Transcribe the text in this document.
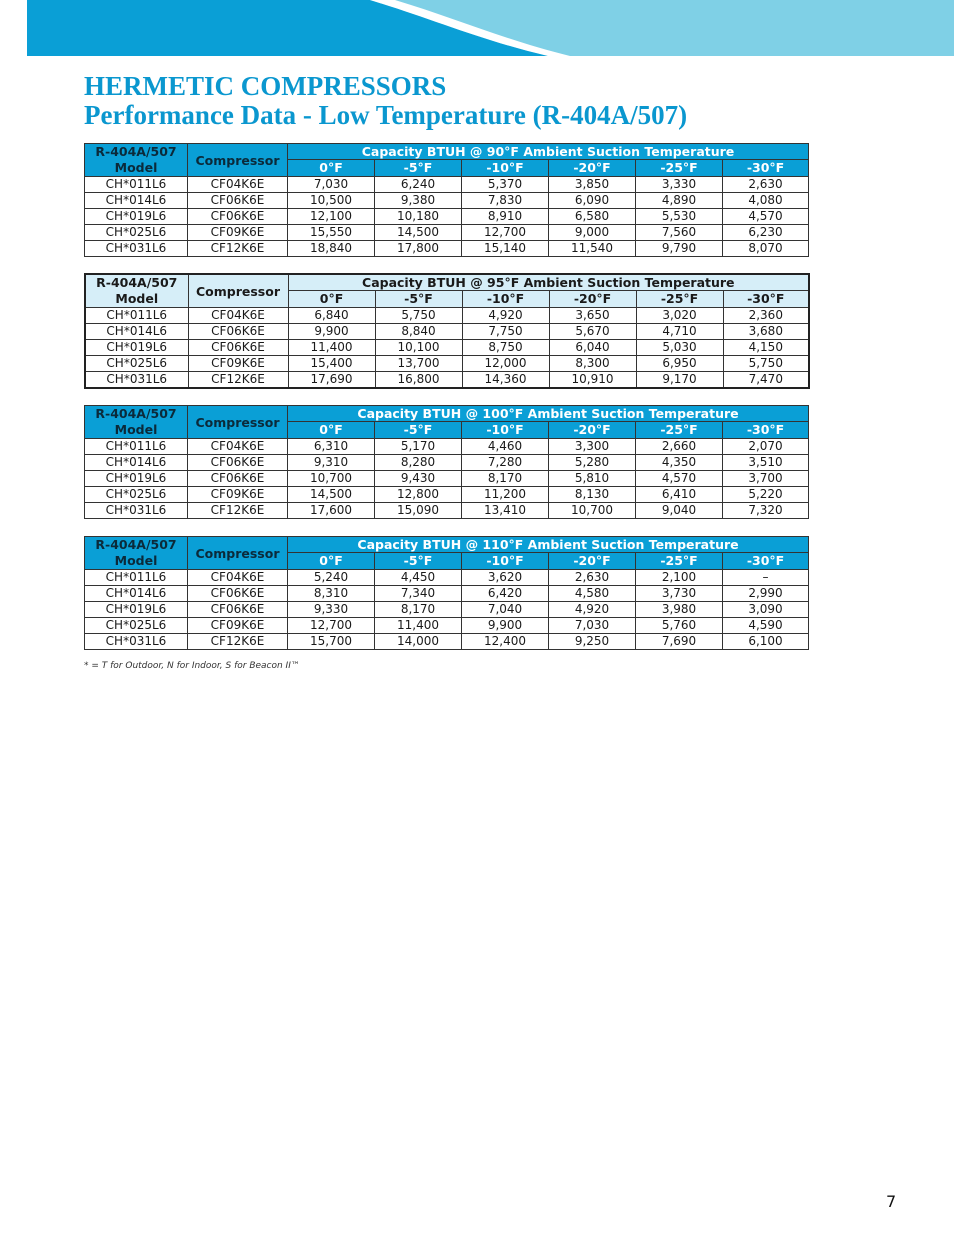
HERMETIC COMPRESSORS
Performance Data - Low Temperature (R-404A/507)
R-404A/507
Model	Compressor	Capacity BTUH @ 90°F Ambient Suction Temperature					
		0°F	-5°F	-10°F	-20°F	-25°F	-30°F
CH*011L6	CF04K6E	7,030	6,240	5,370	3,850	3,330	2,630
CH*014L6	CF06K6E	10,500	9,380	7,830	6,090	4,890	4,080
CH*019L6	CF06K6E	12,100	10,180	8,910	6,580	5,530	4,570
CH*025L6	CF09K6E	15,550	14,500	12,700	9,000	7,560	6,230
CH*031L6	CF12K6E	18,840	17,800	15,140	11,540	9,790	8,070
R-404A/507
Model	Compressor	Capacity BTUH @ 95°F Ambient Suction Temperature					
		0°F	-5°F	-10°F	-20°F	-25°F	-30°F
CH*011L6	CF04K6E	6,840	5,750	4,920	3,650	3,020	2,360
CH*014L6	CF06K6E	9,900	8,840	7,750	5,670	4,710	3,680
CH*019L6	CF06K6E	11,400	10,100	8,750	6,040	5,030	4,150
CH*025L6	CF09K6E	15,400	13,700	12,000	8,300	6,950	5,750
CH*031L6	CF12K6E	17,690	16,800	14,360	10,910	9,170	7,470
R-404A/507
Model	Compressor	Capacity BTUH @ 100°F Ambient Suction Temperature					
		0°F	-5°F	-10°F	-20°F	-25°F	-30°F
CH*011L6	CF04K6E	6,310	5,170	4,460	3,300	2,660	2,070
CH*014L6	CF06K6E	9,310	8,280	7,280	5,280	4,350	3,510
CH*019L6	CF06K6E	10,700	9,430	8,170	5,810	4,570	3,700
CH*025L6	CF09K6E	14,500	12,800	11,200	8,130	6,410	5,220
CH*031L6	CF12K6E	17,600	15,090	13,410	10,700	9,040	7,320
R-404A/507
Model	Compressor	Capacity BTUH @ 110°F Ambient Suction Temperature					
		0°F	-5°F	-10°F	-20°F	-25°F	-30°F
CH*011L6	CF04K6E	5,240	4,450	3,620	2,630	2,100	–
CH*014L6	CF06K6E	8,310	7,340	6,420	4,580	3,730	2,990
CH*019L6	CF06K6E	9,330	8,170	7,040	4,920	3,980	3,090
CH*025L6	CF09K6E	12,700	11,400	9,900	7,030	5,760	4,590
CH*031L6	CF12K6E	15,700	14,000	12,400	9,250	7,690	6,100
* = T for Outdoor, N for Indoor, S for Beacon II™
7
